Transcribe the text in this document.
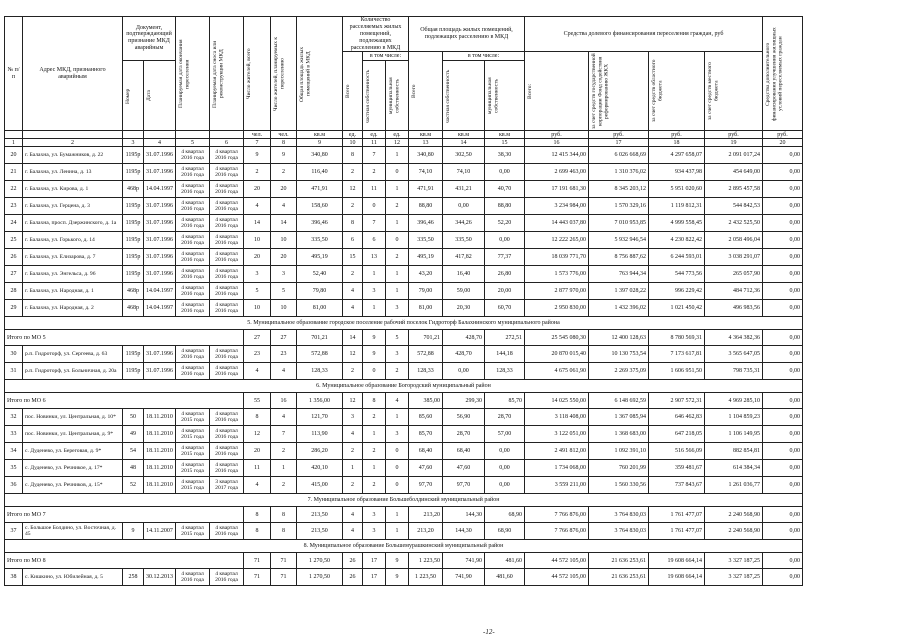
№ п/п	Адрес МКД, признанного аварийным	Документ, подтверждающий признание МКД аварийным		Планируемая дата окончания переселения	Планируемая дата сноса или реконструкции МКД	Число жителей, всего	Число жителей, планируемых к переселению	Общая площадь жилых помещений в МКД	Количество расселяемых жилых помещений, подлежащих расселению в МКД			Общая площадь жилых помещений, подлежащих расселению в МКД			Средства долевого финансирования переселения граждан, руб				Средства дополнительного финансирования улучшения жилищных условий переселяемых граждан

									Всего	в том числе:		Всего	в том числе:		Всего:	за счет средств государственной корпорации Фонд содействия реформированию ЖКХ	за счет средств областного бюджета	за счет средств местного бюджета	

		Номер	Дата							частная собственность	муниципальная собственность		частная собственность	муниципальная собственность					

						чел.	чел.	кв.м	ед.	ед.	ед.	кв.м	кв.м	кв.м	руб.	руб.	руб.	руб.	руб.
1	2	3	4	5	6	7	8	9	10	11	12	13	14	15	16	17	18	19	20
20	г. Балахна, ул. Бумажников, д. 22	1195р	31.07.1996	4 квартал 2016 года	4 квартал 2016 года	9	9	340,80	8	7	1	340,80	302,50	38,30	12 415 344,00	6 026 668,69	4 297 658,07	2 091 017,24	0,00
21	г. Балахна, ул. Ленина, д. 13	1195р	31.07.1996	4 квартал 2016 года	4 квартал 2016 года	2	2	116,40	2	2	0	74,10	74,10	0,00	2 699 463,00	1 310 376,02	934 437,98	454 649,00	0,00
22	г. Балахна, ул. Кирова, д. 1	468р	14.04.1997	4 квартал 2016 года	4 квартал 2016 года	20	20	471,91	12	11	1	471,91	431,21	40,70	17 191 681,30	8 345 203,12	5 951 020,60	2 895 457,58	0,00
23	г. Балахна, ул. Герцена, д. 3	1195р	31.07.1996	4 квартал 2016 года	4 квартал 2016 года	4	4	158,60	2	0	2	88,80	0,00	88,80	3 234 984,00	1 570 329,16	1 119 812,31	544 842,53	0,00
24	г. Балахна, просп. Дзержинского, д. 1а	1195р	31.07.1996	4 квартал 2016 года	4 квартал 2016 года	14	14	396,46	8	7	1	396,46	344,26	52,20	14 443 037,80	7 010 953,85	4 999 558,45	2 432 525,50	0,00
25	г. Балахна, ул. Горького, д. 14	1195р	31.07.1996	4 квартал 2016 года	4 квартал 2016 года	10	10	335,50	6	6	0	335,50	335,50	0,00	12 222 265,00	5 932 946,54	4 230 822,42	2 058 496,04	0,00
26	г. Балахна, ул. Елизарова, д. 7	1195р	31.07.1996	4 квартал 2016 года	4 квартал 2016 года	20	20	495,19	15	13	2	495,19	417,82	77,37	18 039 771,70	8 756 887,62	6 244 593,01	3 038 291,07	0,00
27	г. Балахна, ул. Энгельса, д. 96	1195р	31.07.1996	4 квартал 2016 года	4 квартал 2016 года	3	3	52,40	2	1	1	43,20	16,40	26,80	1 573 776,00	763 944,34	544 773,56	265 057,90	0,00
28	г. Балахна, ул. Народная, д. 1	468р	14.04.1997	4 квартал 2016 года	4 квартал 2016 года	5	5	79,80	4	3	1	79,00	59,00	20,00	2 877 970,00	1 397 028,22	996 229,42	484 712,36	0,00
29	г. Балахна, ул. Народная, д. 2	468р	14.04.1997	4 квартал 2016 года	4 квартал 2016 года	10	10	81,00	4	1	3	81,00	20,30	60,70	2 950 830,00	1 432 396,02	1 021 450,42	496 983,56	0,00
5. Муниципальное образование городское поселение рабочий поселок Гидроторф Балахнинского муниципального района																			
Итого по МО 5						27	27	701,21	14	9	5	701,21	428,70	272,51	25 545 080,30	12 400 128,63	8 780 569,31	4 364 382,36	0,00
30	р.п. Гидроторф, ул. Сергеева, д. 63	1195р	31.07.1996	4 квартал 2016 года	4 квартал 2016 года	23	23	572,88	12	9	3	572,88	428,70	144,18	20 870 015,40	10 130 753,54	7 173 617,81	3 565 647,05	0,00
31	р.п. Гидроторф, ул. Больничная, д. 20а	1195р	31.07.1996	4 квартал 2016 года	4 квартал 2016 года	4	4	128,33	2	0	2	128,33	0,00	128,33	4 675 061,90	2 269 375,09	1 606 951,50	798 735,31	0,00
6. Муниципальное образование Богородский муниципальный район																			
Итого по МО 6						55	16	1 356,00	12	8	4	385,00	299,30	85,70	14 025 550,00	6 148 692,59	2 907 572,31	4 969 285,10	0,00
32	пос. Новинки, ул. Центральная, д. 10*	50	18.11.2010	4 квартал 2015 года	4 квартал 2016 года	8	4	121,70	3	2	1	85,60	56,90	28,70	3 118 408,00	1 367 085,94	646 462,83	1 104 859,23	0,00
33	пос. Новинки, ул. Центральная, д. 9*	49	18.11.2010	4 квартал 2015 года	4 квартал 2016 года	12	7	113,90	4	1	3	85,70	28,70	57,00	3 122 051,00	1 368 683,00	647 218,05	1 106 149,95	0,00
34	с. Дуденево, ул. Береговая, д. 9*	54	18.11.2010	4 квартал 2015 года	4 квартал 2016 года	20	2	286,20	2	2	0	68,40	68,40	0,00	2 491 812,00	1 092 391,10	516 566,09	882 854,81	0,00
35	с. Дуденево, ул. Речникое, д. 17*	48	18.11.2010	4 квартал 2015 года	4 квартал 2016 года	11	1	420,10	1	1	0	47,60	47,60	0,00	1 734 068,00	760 201,99	359 481,67	614 384,34	0,00
36	с. Дуденево, ул. Речников, д. 15*	52	18.11.2010	4 квартал 2015 года	3 квартал 2017 года	4	2	415,00	2	2	0	97,70	97,70	0,00	3 559 211,00	1 560 330,56	737 843,67	1 261 036,77	0,00
7. Муниципальное образование Большеболдинский муниципальный район																			
Итого по МО 7						8	8	213,50	4	3	1	213,20	144,30	68,90	7 766 876,00	3 764 830,03	1 761 477,07	2 240 568,90	0,00
37	с. Большое Болдино, ул. Восточная, д. 45	9	14.11.2007	4 квартал 2015 года	4 квартал 2016 года	8	8	213,50	4	3	1	213,20	144,30	68,90	7 766 876,00	3 764 830,03	1 761 477,07	2 240 568,90	0,00
8. Муниципальное образование Большемурашкинский муниципальный район																			
Итого по МО 8						71	71	1 270,50	26	17	9	1 223,50	741,90	481,60	44 572 105,00	21 636 253,61	19 608 664,14	3 327 187,25	0,00
38	с. Кишкино, ул. Юбилейная, д. 5	258	30.12.2013	4 квартал 2016 года	4 квартал 2016 года	71	71	1 270,50	26	17	9	1 223,50	741,90	481,60	44 572 105,00	21 636 253,61	19 608 664,14	3 327 187,25	0,00
-12-
